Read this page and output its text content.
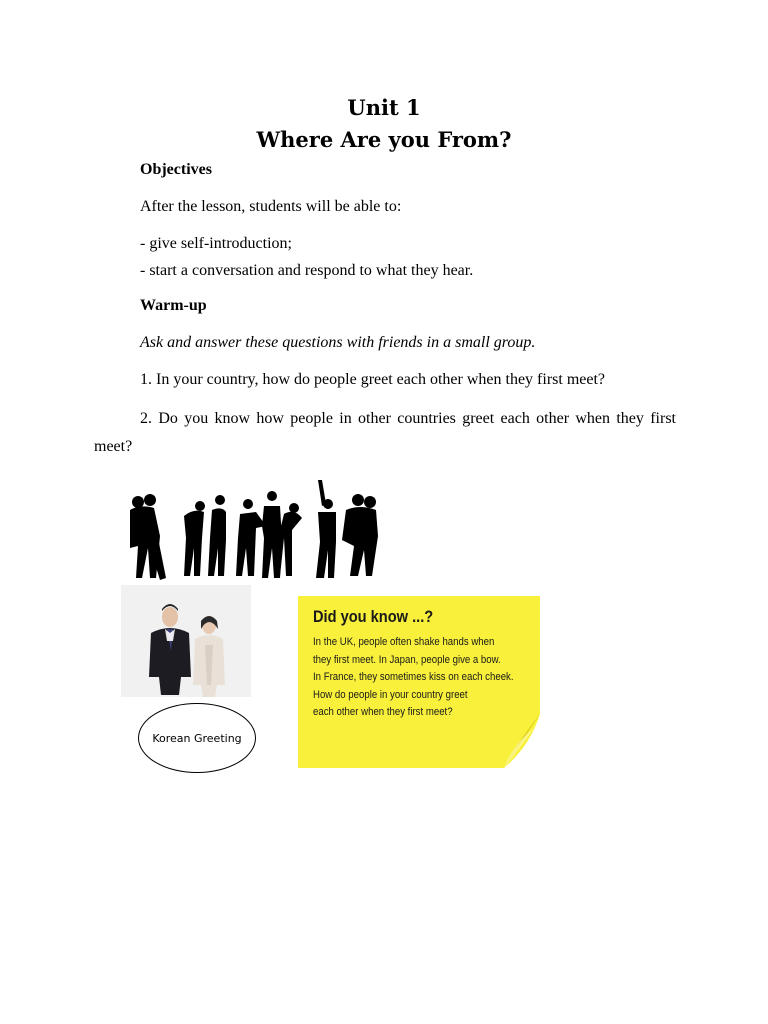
Unit 1
Where Are you From?

Objectives

After the lesson, students will be able to:

- give self-introduction;

- start a conversation and respond to what they hear.

Warm-up

Ask and answer these questions with friends in a small group.

1. In your country, how do people greet each other when they first meet?

2. Do you know how people in other countries greet each other when they first meet?

Korean Greeting
Did you know ...?
In the UK, people often shake hands when
they first meet. In Japan, people give a bow.
In France, they sometimes kiss on each cheek.
How do people in your country greet
each other when they first meet?
